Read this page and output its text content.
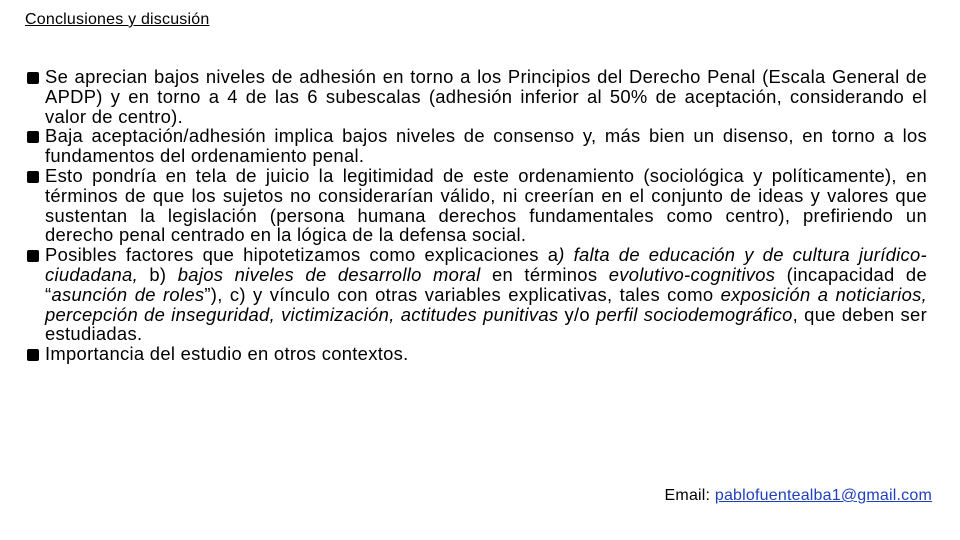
Conclusiones y discusión
Se aprecian bajos niveles de adhesión en torno a los Principios del Derecho Penal (Escala General de APDP) y en torno a 4 de las 6 subescalas (adhesión inferior al 50% de aceptación, considerando el valor de centro).
Baja aceptación/adhesión implica bajos niveles de consenso y, más bien un disenso, en torno a los fundamentos del ordenamiento penal.
Esto pondría en tela de juicio la legitimidad de este ordenamiento (sociológica y políticamente), en términos de que los sujetos no considerarían válido, ni creerían en el conjunto de ideas y valores que sustentan la legislación (persona humana derechos fundamentales como centro), prefiriendo un derecho penal centrado en la lógica de la defensa social.
Posibles factores que hipotetizamos como explicaciones a) falta de educación y de cultura jurídico-ciudadana, b) bajos niveles de desarrollo moral en términos evolutivo-cognitivos (incapacidad de “asunción de roles”), c) y vínculo con otras variables explicativas, tales como exposición a noticiarios, percepción de inseguridad, victimización, actitudes punitivas y/o perfil sociodemográfico, que deben ser estudiadas.
Importancia del estudio en otros contextos.
Email: pablofuentealba1@gmail.com
